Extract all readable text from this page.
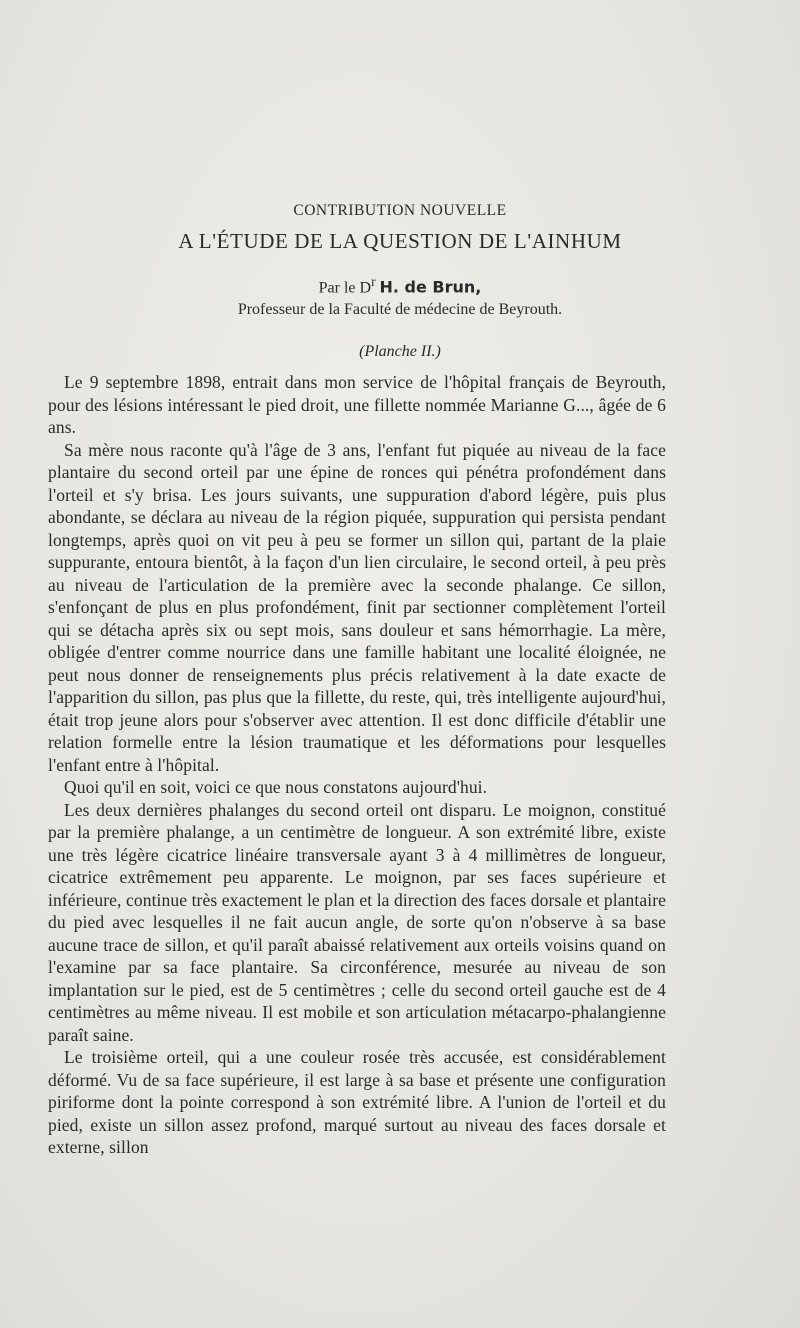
CONTRIBUTION NOUVELLE
A L'ÉTUDE DE LA QUESTION DE L'AINHUM
Par le $D^r$ H. de Brun,
Professeur de la Faculté de médecine de Beyrouth.
(Planche II.)

Le 9 septembre 1898, entrait dans mon service de l'hôpital français de Beyrouth, pour des lésions intéressant le pied droit, une fillette nommée Marianne G..., âgée de 6 ans.

Sa mère nous raconte qu'à l'âge de 3 ans, l'enfant fut piquée au niveau de la face plantaire du second orteil par une épine de ronces qui pénétra profondément dans l'orteil et s'y brisa. Les jours suivants, une suppuration d'abord légère, puis plus abondante, se déclara au niveau de la région piquée, suppuration qui persista pendant longtemps, après quoi on vit peu à peu se former un sillon qui, partant de la plaie suppurante, entoura bientôt, à la façon d'un lien circulaire, le second orteil, à peu près au niveau de l'articulation de la première avec la seconde phalange. Ce sillon, s'enfonçant de plus en plus profondément, finit par sectionner complètement l'orteil qui se détacha après six ou sept mois, sans douleur et sans hémorrhagie. La mère, obligée d'entrer comme nourrice dans une famille habitant une localité éloignée, ne peut nous donner de renseignements plus précis relativement à la date exacte de l'apparition du sillon, pas plus que la fillette, du reste, qui, très intelligente aujourd'hui, était trop jeune alors pour s'observer avec attention. Il est donc difficile d'établir une relation formelle entre la lésion traumatique et les déformations pour lesquelles l'enfant entre à l'hôpital.

Quoi qu'il en soit, voici ce que nous constatons aujourd'hui.

Les deux dernières phalanges du second orteil ont disparu. Le moignon, constitué par la première phalange, a un centimètre de longueur. A son extrémité libre, existe une très légère cicatrice linéaire transversale ayant 3 à 4 millimètres de longueur, cicatrice extrêmement peu apparente. Le moignon, par ses faces supérieure et inférieure, continue très exactement le plan et la direction des faces dorsale et plantaire du pied avec lesquelles il ne fait aucun angle, de sorte qu'on n'observe à sa base aucune trace de sillon, et qu'il paraît abaissé relativement aux orteils voisins quand on l'examine par sa face plantaire. Sa circonférence, mesurée au niveau de son implantation sur le pied, est de 5 centimètres ; celle du second orteil gauche est de 4 centimètres au même niveau. Il est mobile et son articulation métacarpo-phalangienne paraît saine.

Le troisième orteil, qui a une couleur rosée très accusée, est considérablement déformé. Vu de sa face supérieure, il est large à sa base et présente une configuration piriforme dont la pointe correspond à son extrémité libre. A l'union de l'orteil et du pied, existe un sillon assez profond, marqué surtout au niveau des faces dorsale et externe, sillon
